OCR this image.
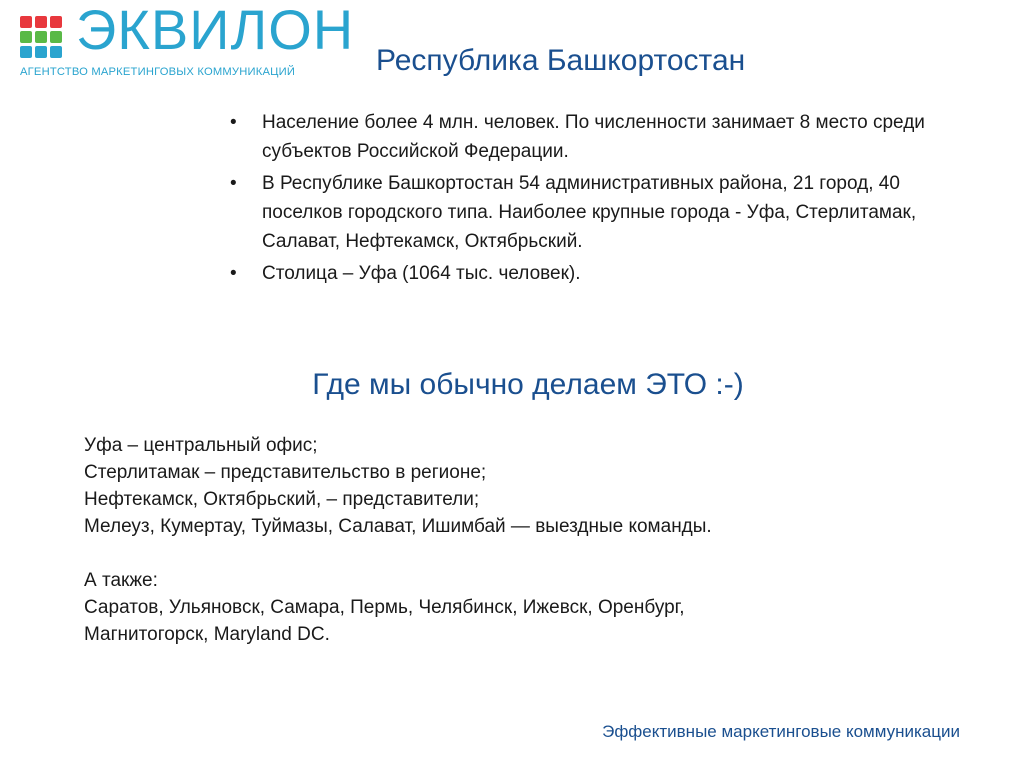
ЭКВИЛОН
АГЕНТСТВО МАРКЕТИНГОВЫХ КОММУНИКАЦИЙ	Республика Башкортостан
• Население более 4 млн. человек. По численности занимает 8 место среди субъектов Российской Федерации.
• В Республике Башкортостан 54 административных района, 21 город, 40 поселков городского типа. Наиболее крупные города - Уфа, Стерлитамак, Салават, Нефтекамск, Октябрьский.
• Столица – Уфа (1064 тыс. человек).
Где мы обычно делаем ЭТО :-)

Уфа – центральный офис;

Стерлитамак – представительство в регионе;

Нефтекамск, Октябрьский, – представители;

Мелеуз, Кумертау, Туймазы, Салават, Ишимбай — выездные команды.

А также:

Саратов, Ульяновск, Самара, Пермь, Челябинск, Ижевск, Оренбург,

Магнитогорск, Maryland DC.

Эффективные маркетинговые коммуникации
